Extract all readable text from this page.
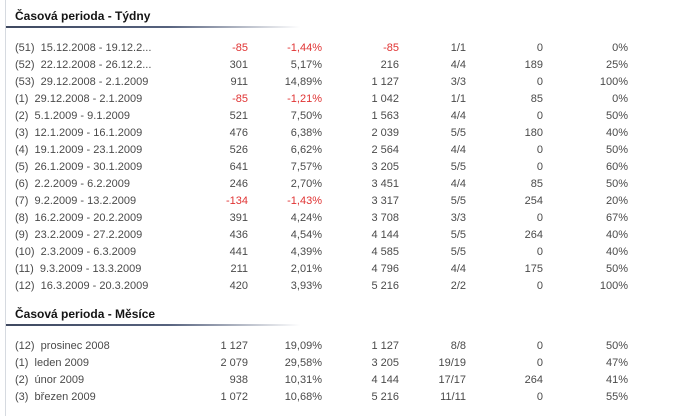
Časová perioda - Týdny
(51)  15.12.2008 - 19.12.2...	-85	-1,44%	-85	1/1	0	0%
(52)  22.12.2008 - 26.12.2...	301	5,17%	216	4/4	189	25%
(53)  29.12.2008 - 2.1.2009	911	14,89%	1 127	3/3	0	100%
(1)  29.12.2008 - 2.1.2009	-85	-1,21%	1 042	1/1	85	0%
(2)  5.1.2009 - 9.1.2009	521	7,50%	1 563	4/4	0	50%
(3)  12.1.2009 - 16.1.2009	476	6,38%	2 039	5/5	180	40%
(4)  19.1.2009 - 23.1.2009	526	6,62%	2 564	4/4	0	50%
(5)  26.1.2009 - 30.1.2009	641	7,57%	3 205	5/5	0	60%
(6)  2.2.2009 - 6.2.2009	246	2,70%	3 451	4/4	85	50%
(7)  9.2.2009 - 13.2.2009	-134	-1,43%	3 317	5/5	254	20%
(8)  16.2.2009 - 20.2.2009	391	4,24%	3 708	3/3	0	67%
(9)  23.2.2009 - 27.2.2009	436	4,54%	4 144	5/5	264	40%
(10)  2.3.2009 - 6.3.2009	441	4,39%	4 585	5/5	0	40%
(11)  9.3.2009 - 13.3.2009	211	2,01%	4 796	4/4	175	50%
(12)  16.3.2009 - 20.3.2009	420	3,93%	5 216	2/2	0	100%
Časová perioda - Měsíce
(12)  prosinec 2008	1 127	19,09%	1 127	8/8	0	50%
(1)  leden 2009	2 079	29,58%	3 205	19/19	0	47%
(2)  únor 2009	938	10,31%	4 144	17/17	264	41%
(3)  březen 2009	1 072	10,68%	5 216	11/11	0	55%
